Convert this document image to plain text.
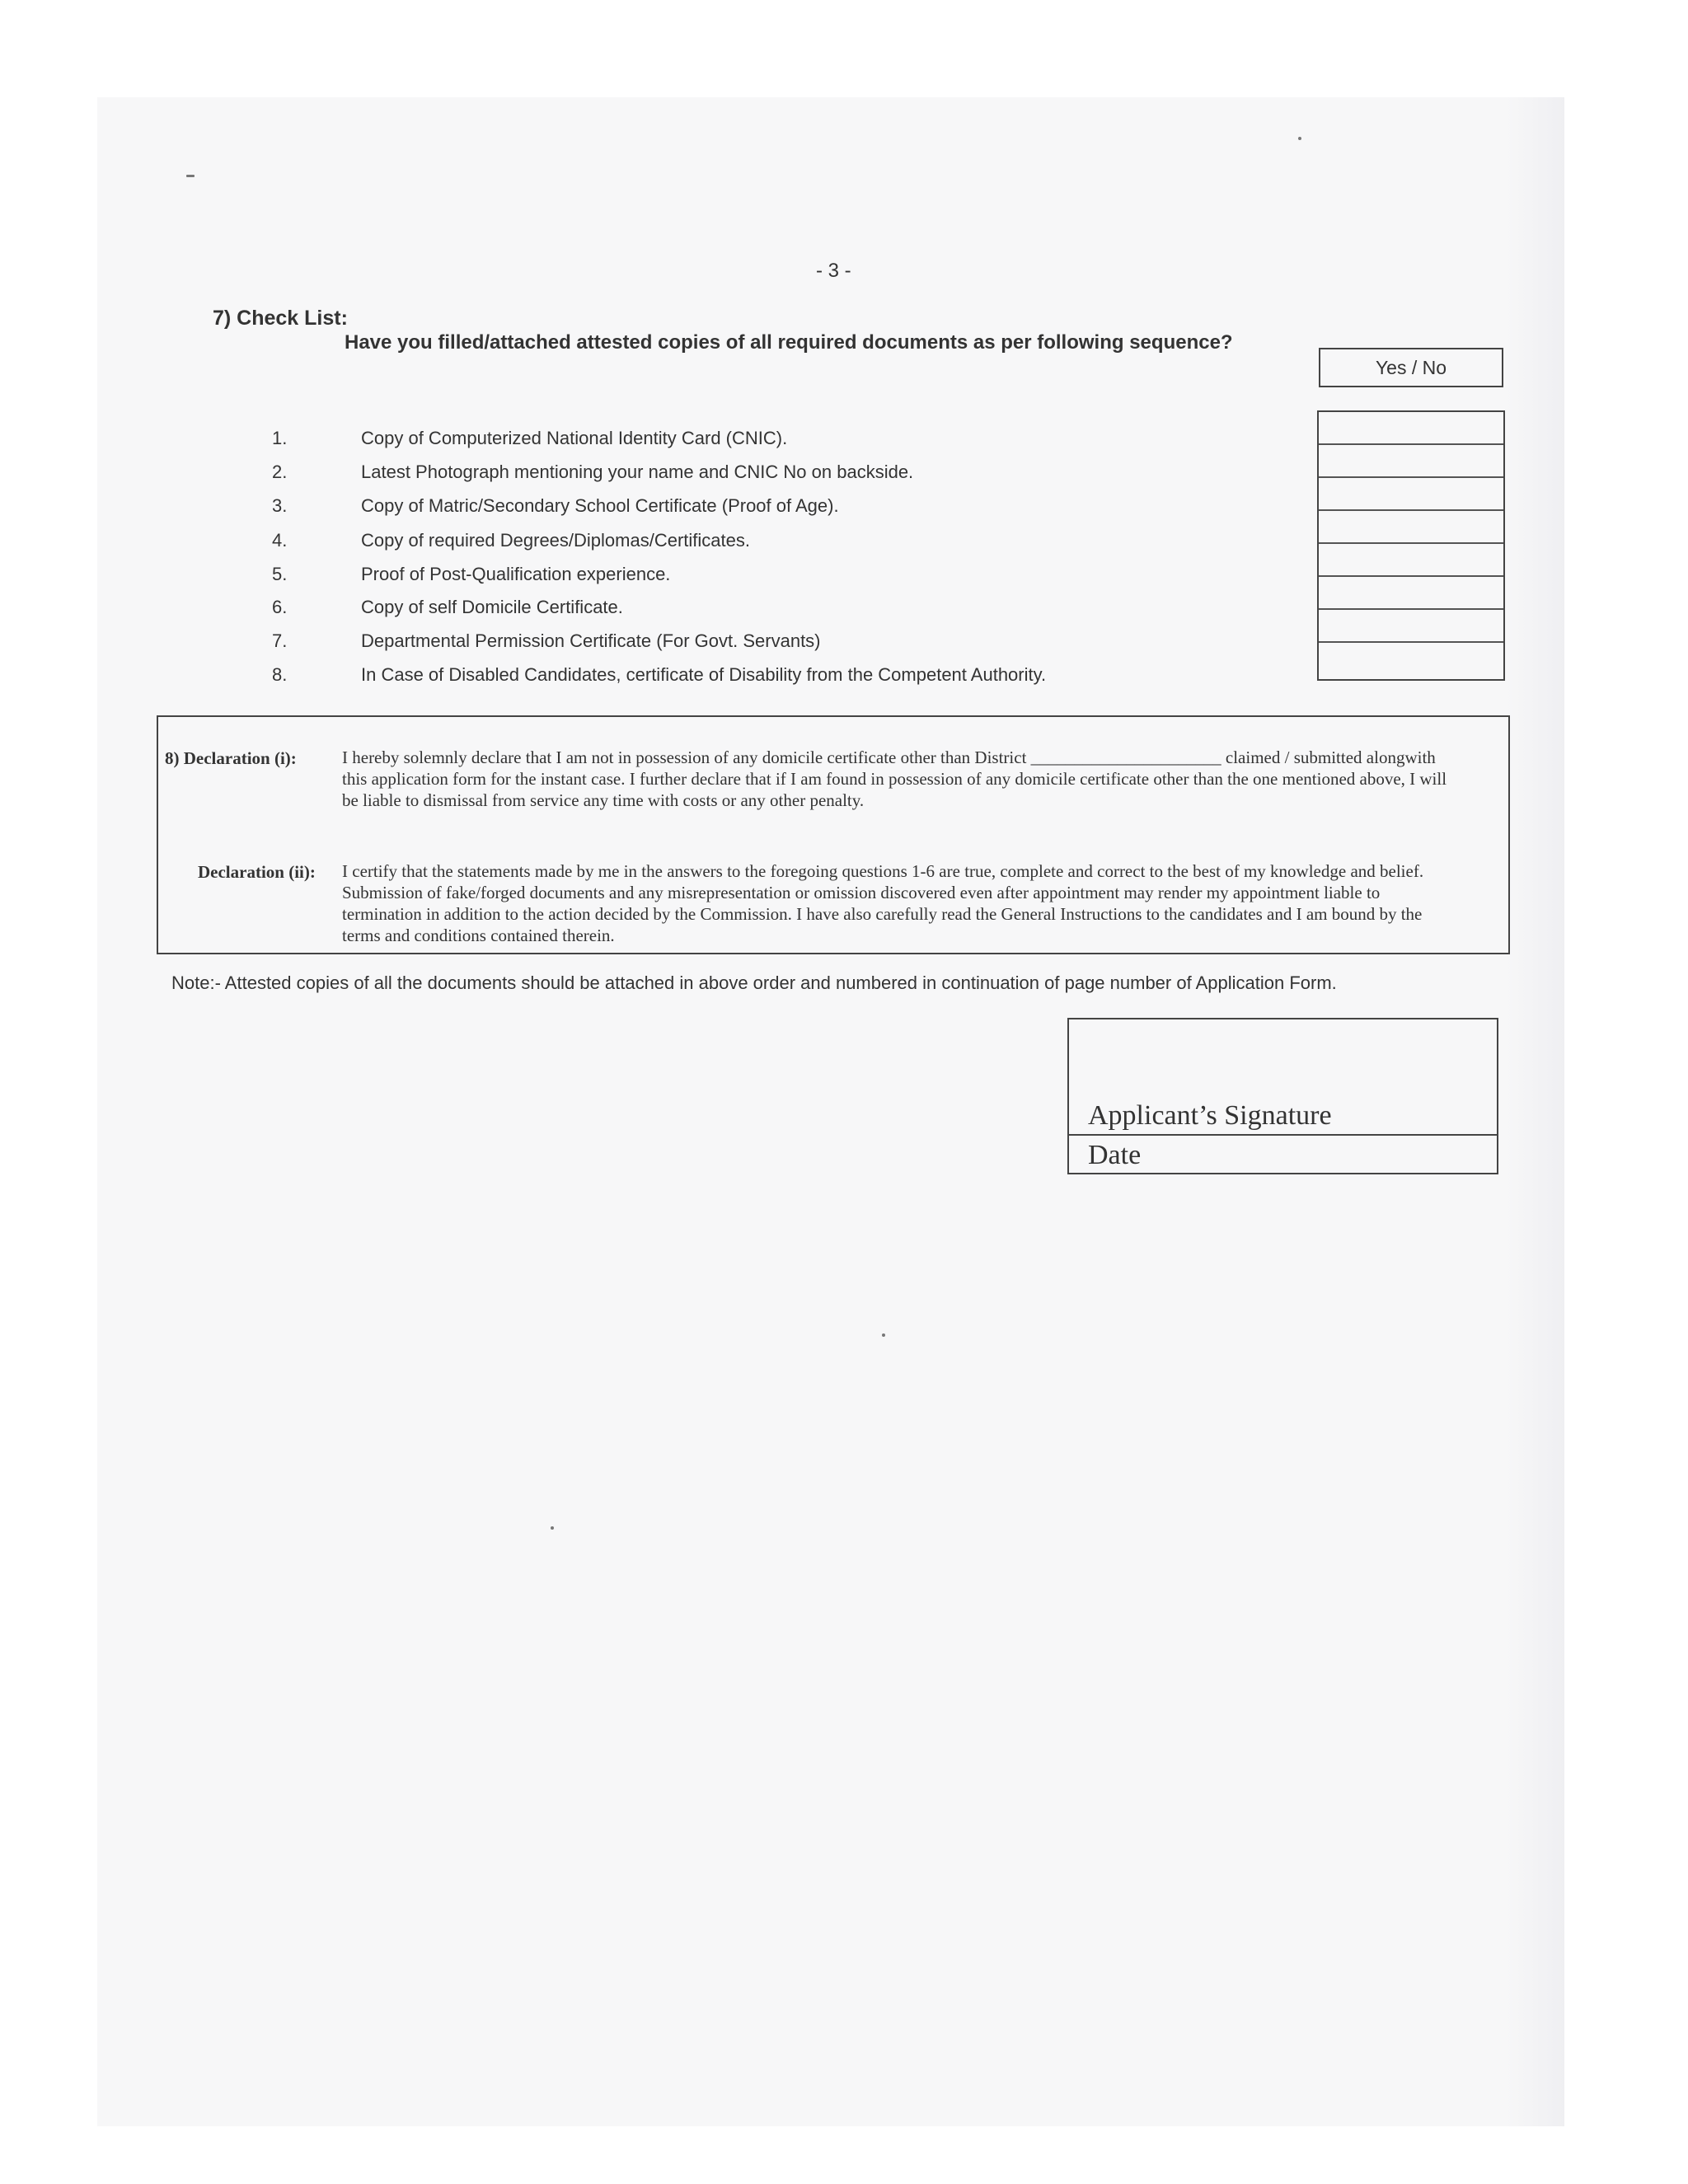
- 3 -
7) Check List:
Have you filled/attached attested copies of all required documents as per following sequence?
Yes / No
1.	Copy of Computerized National Identity Card (CNIC).
2.	Latest Photograph mentioning your name and CNIC No on backside.
3.	Copy of Matric/Secondary School Certificate (Proof of Age).
4.	Copy of required Degrees/Diplomas/Certificates.
5.	Proof of Post-Qualification experience.
6.	Copy of self Domicile Certificate.
7.	Departmental Permission Certificate (For Govt. Servants)
8.	In Case of Disabled Candidates, certificate of Disability from the Competent Authority.
8) Declaration (i):	I hereby solemnly declare that I am not in possession of any domicile certificate other than District ______________________ claimed / submitted alongwith this application form for the instant case. I further declare that if I am found in possession of any domicile certificate other than the one mentioned above, I will be liable to dismissal from service any time with costs or any other penalty.
Declaration (ii): I certify that the statements made by me in the answers to the foregoing questions 1-6 are true, complete and correct to the best of my knowledge and belief. Submission of fake/forged documents and any misrepresentation or omission discovered even after appointment may render my appointment liable to termination in addition to the action decided by the Commission. I have also carefully read the General Instructions to the candidates and I am bound by the terms and conditions contained therein.
Note:- Attested copies of all the documents should be attached in above order and numbered in continuation of page number of Application Form.
Applicant’s Signature
Date
